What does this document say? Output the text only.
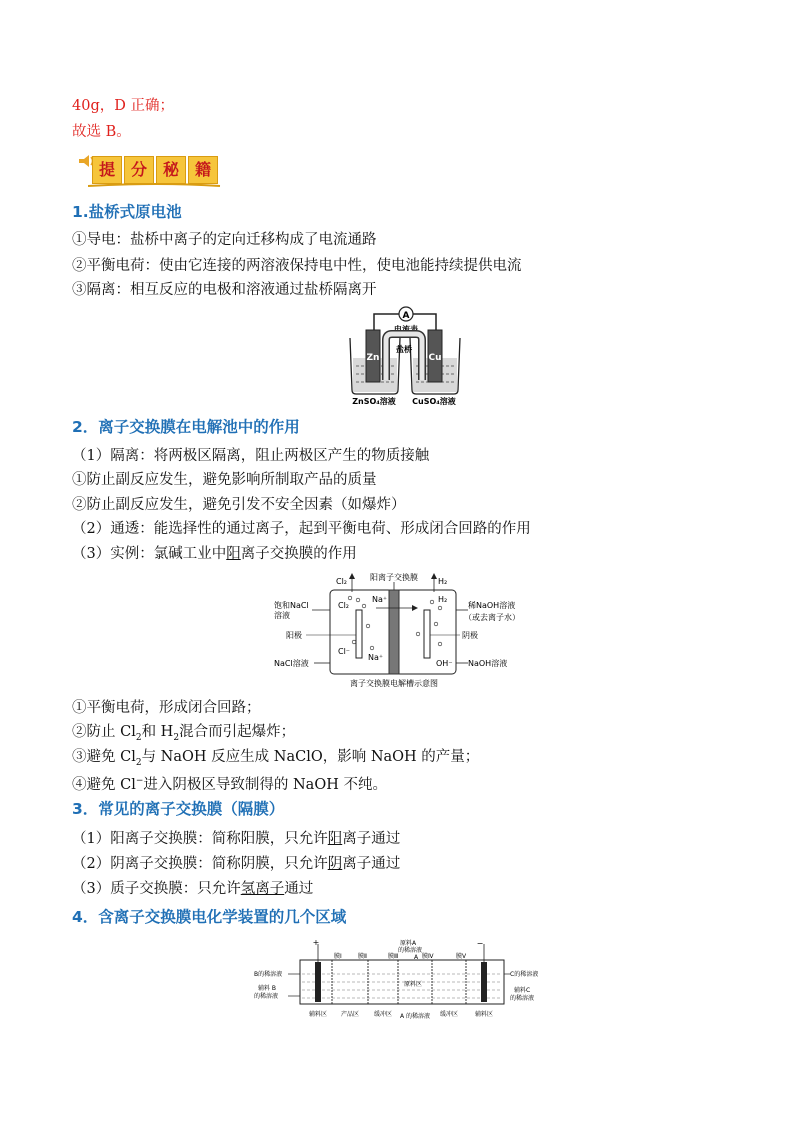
40g，D 正确；
故选 B。
提 分 秘 籍
1.盐桥式原电池
①导电：盐桥中离子的定向迁移构成了电流通路
②平衡电荷：使由它连接的两溶液保持电中性，使电池能持续提供电流
③隔离：相互反应的电极和溶液通过盐桥隔离开
A
电流表
Zn	Cu
盐桥
ZnSO₄溶液 CuSO₄溶液
2．离子交换膜在电解池中的作用
（1）隔离：将两极区隔离，阻止两极区产生的物质接触
①防止副反应发生，避免影响所制取产品的质量
②防止副反应发生，避免引发不安全因素（如爆炸）
（2）通透：能选择性的通过离子，起到平衡电荷、形成闭合回路的作用
（3）实例：氯碱工业中阳离子交换膜的作用
阳离子交换膜
Cl₂	H₂
Cl₂
Na⁺	H₂
Cl⁻
Na⁺
OH⁻
饱和NaCl
溶液
阳极
NaCl溶液
稀NaOH溶液
（或去离子水）
阴极
NaOH溶液
离子交换膜电解槽示意图
①平衡电荷，形成闭合回路；
②防止 $Cl_2$和 $H_2$混合而引起爆炸；
③避免 $Cl_2$与 NaOH 反应生成 NaClO，影响 NaOH 的产量；
④避免 Cl−进入阴极区导致制得的 NaOH 不纯。
3．常见的离子交换膜（隔膜）
（1）阳离子交换膜：简称阳膜，只允许阳离子通过
（2）阴离子交换膜：简称阴膜，只允许阴离子通过
（3）质子交换膜：只允许氢离子通过
4．含离子交换膜电化学装置的几个区域
+	−
膜Ⅰ	膜Ⅱ	膜Ⅲ	膜Ⅳ	膜Ⅴ
原料A
的稀溶液
A
原料区
B的稀溶液
辅料 B
的稀溶液
C的稀溶液
辅料C
的稀溶液
辅料区 产品区 缓冲区 A 的稀溶液 缓冲区	辅料区
